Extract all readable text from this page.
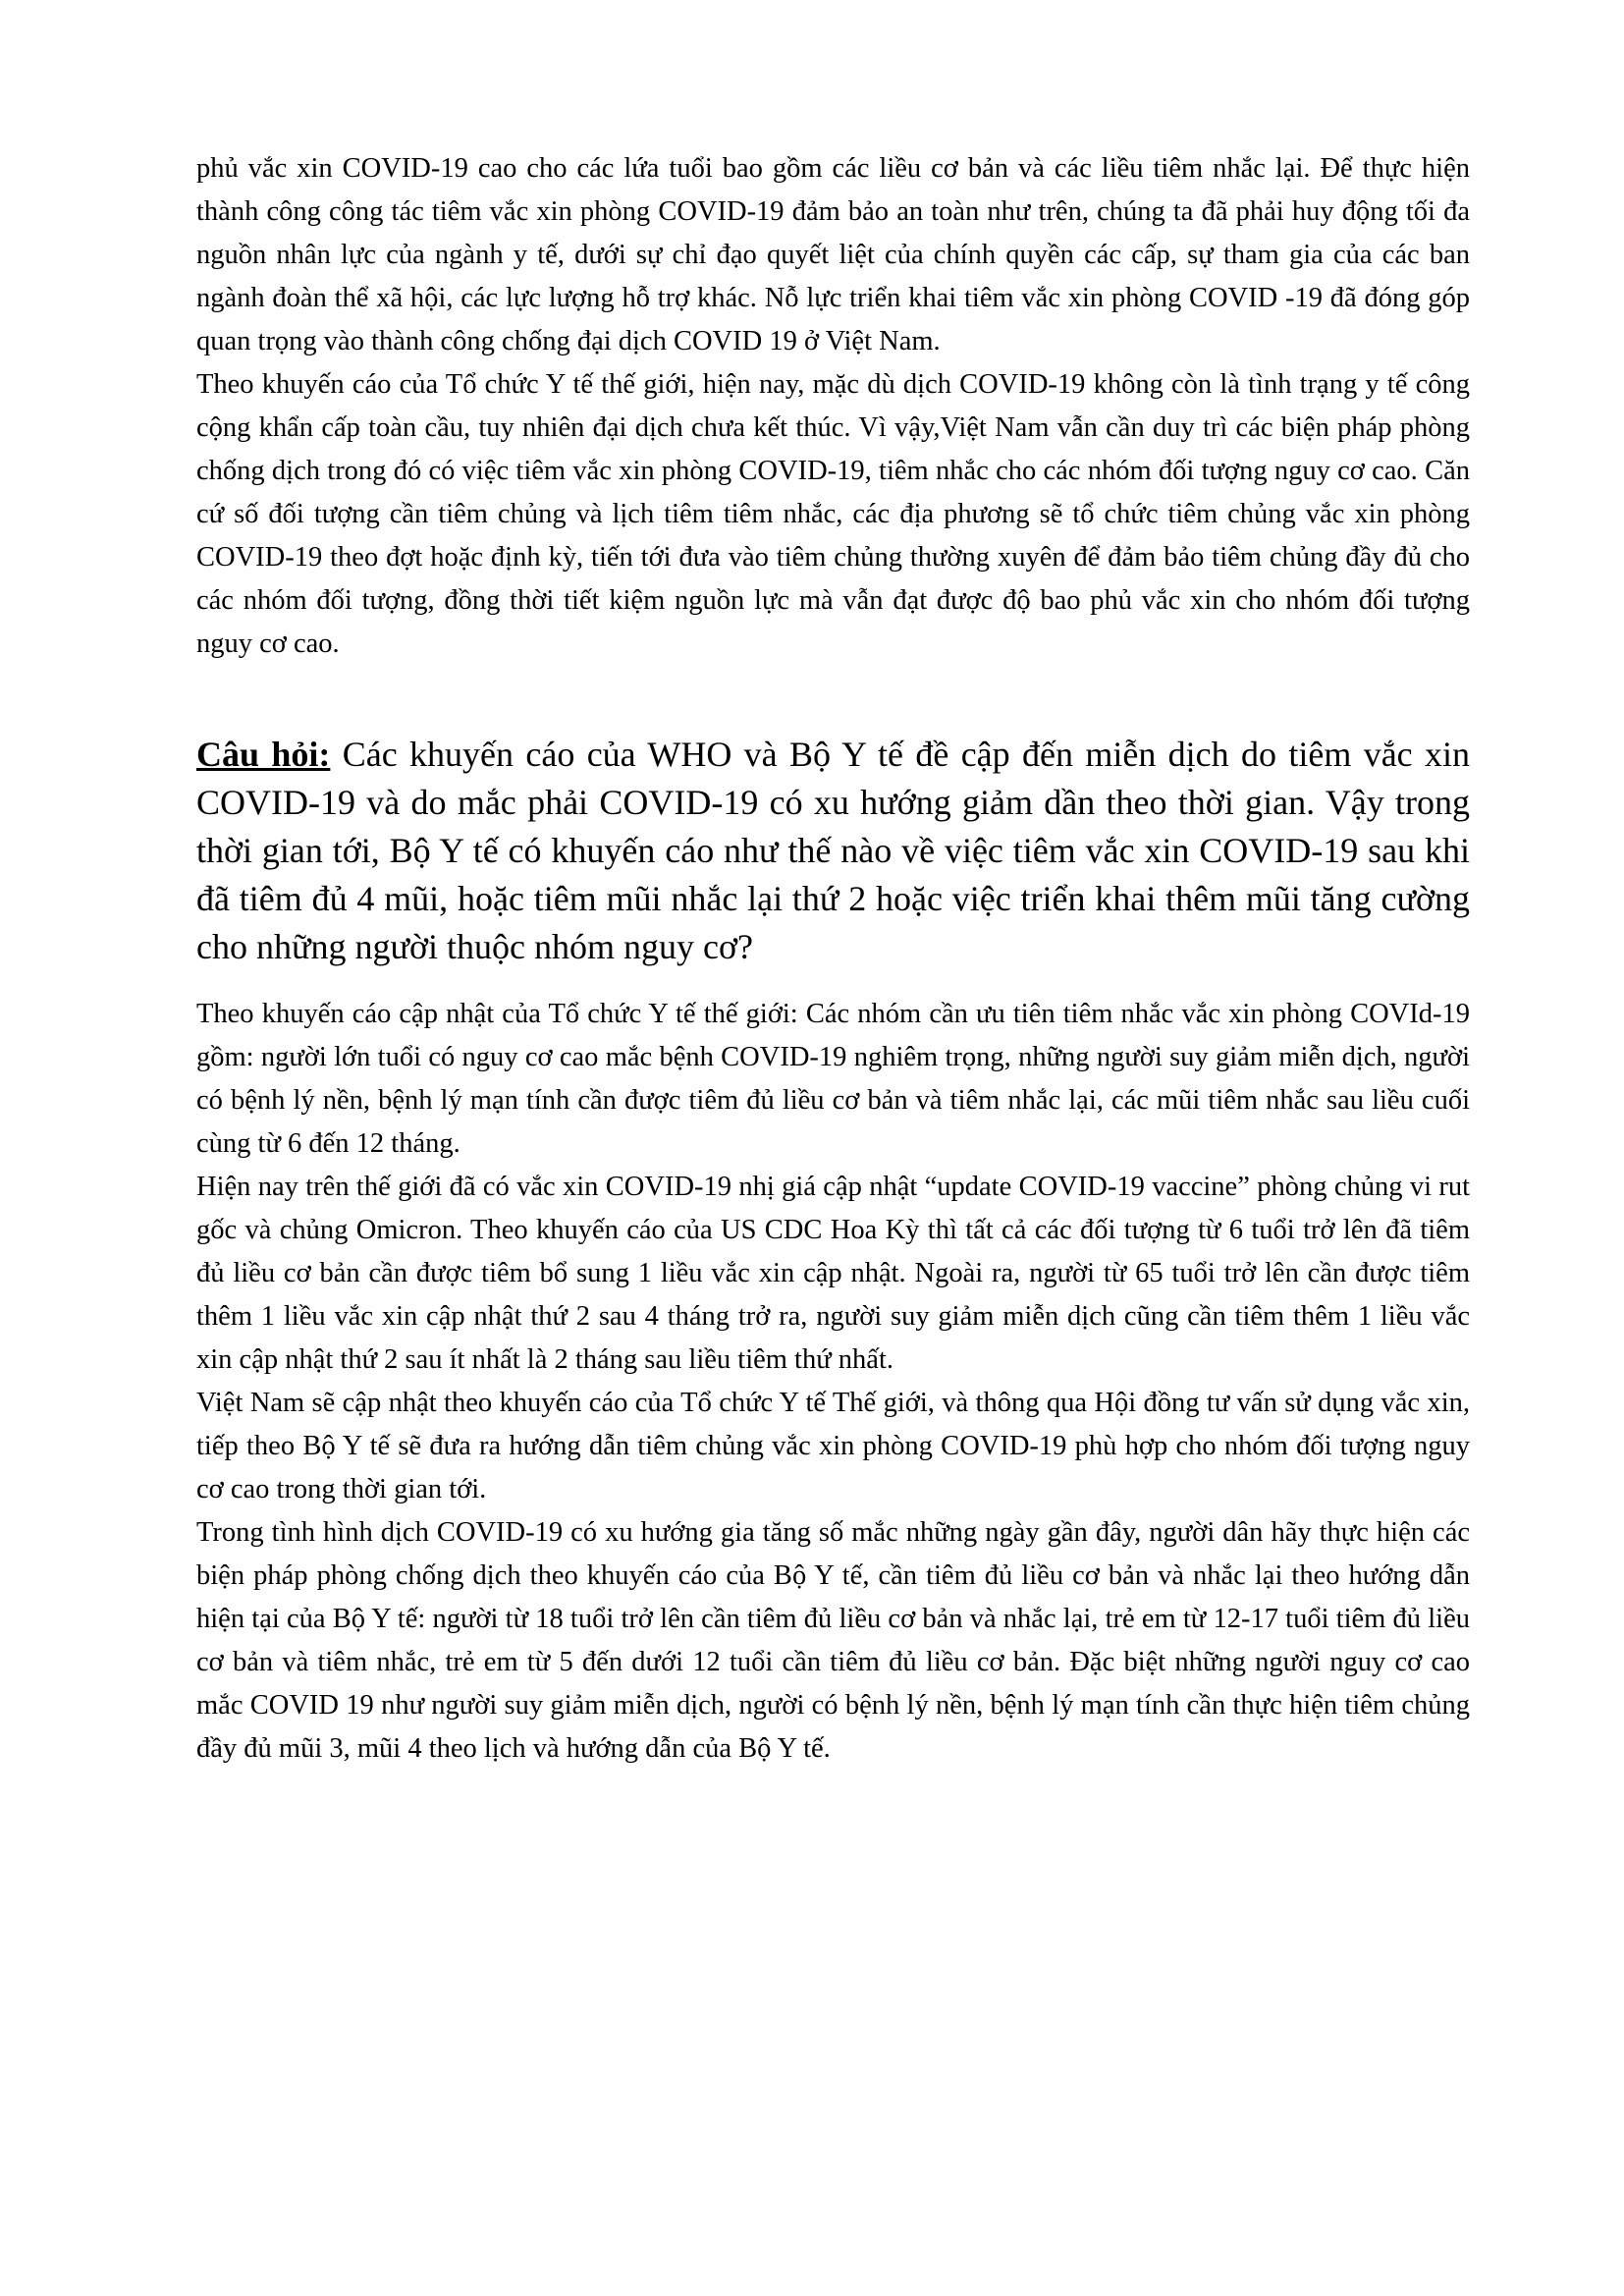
phủ vắc xin COVID-19 cao cho các lứa tuổi bao gồm các liều cơ bản và các liều tiêm nhắc lại. Để thực hiện thành công công tác tiêm vắc xin phòng COVID-19 đảm bảo an toàn như trên, chúng ta đã phải huy động tối đa nguồn nhân lực của ngành y tế, dưới sự chỉ đạo quyết liệt của chính quyền các cấp, sự tham gia của các ban ngành đoàn thể xã hội, các lực lượng hỗ trợ khác. Nỗ lực triển khai tiêm vắc xin phòng COVID -19 đã đóng góp quan trọng vào thành công chống đại dịch COVID 19 ở Việt Nam.

Theo khuyến cáo của Tổ chức Y tế thế giới, hiện nay, mặc dù dịch COVID-19 không còn là tình trạng y tế công cộng khẩn cấp toàn cầu, tuy nhiên đại dịch chưa kết thúc. Vì vậy,Việt Nam vẫn cần duy trì các biện pháp phòng chống dịch trong đó có việc tiêm vắc xin phòng COVID-19, tiêm nhắc cho các nhóm đối tượng nguy cơ cao. Căn cứ số đối tượng cần tiêm chủng và lịch tiêm tiêm nhắc, các địa phương sẽ tổ chức tiêm chủng vắc xin phòng COVID-19 theo đợt hoặc định kỳ, tiến tới đưa vào tiêm chủng thường xuyên để đảm bảo tiêm chủng đầy đủ cho các nhóm đối tượng, đồng thời tiết kiệm nguồn lực mà vẫn đạt được độ bao phủ vắc xin cho nhóm đối tượng nguy cơ cao.

Câu hỏi: Các khuyến cáo của WHO và Bộ Y tế đề cập đến miễn dịch do tiêm vắc xin COVID-19 và do mắc phải COVID-19 có xu hướng giảm dần theo thời gian. Vậy trong thời gian tới, Bộ Y tế có khuyến cáo như thế nào về việc tiêm vắc xin COVID-19 sau khi đã tiêm đủ 4 mũi, hoặc tiêm mũi nhắc lại thứ 2 hoặc việc triển khai thêm mũi tăng cường cho những người thuộc nhóm nguy cơ?

Theo khuyến cáo cập nhật của Tổ chức Y tế thế giới: Các nhóm cần ưu tiên tiêm nhắc vắc xin phòng COVId-19 gồm: người lớn tuổi có nguy cơ cao mắc bệnh COVID-19 nghiêm trọng, những người suy giảm miễn dịch, người có bệnh lý nền, bệnh lý mạn tính cần được tiêm đủ liều cơ bản và tiêm nhắc lại, các mũi tiêm nhắc sau liều cuối cùng từ 6 đến 12 tháng.

Hiện nay trên thế giới đã có vắc xin COVID-19 nhị giá cập nhật “update COVID-19 vaccine” phòng chủng vi rut gốc và chủng Omicron. Theo khuyến cáo của US CDC Hoa Kỳ thì tất cả các đối tượng từ 6 tuổi trở lên đã tiêm đủ liều cơ bản cần được tiêm bổ sung 1 liều vắc xin cập nhật. Ngoài ra, người từ 65 tuổi trở lên cần được tiêm thêm 1 liều vắc xin cập nhật thứ 2 sau 4 tháng trở ra, người suy giảm miễn dịch cũng cần tiêm thêm 1 liều vắc xin cập nhật thứ 2 sau ít nhất là 2 tháng sau liều tiêm thứ nhất.

Việt Nam sẽ cập nhật theo khuyến cáo của Tổ chức Y tế Thế giới, và thông qua Hội đồng tư vấn sử dụng vắc xin, tiếp theo Bộ Y tế sẽ đưa ra hướng dẫn tiêm chủng vắc xin phòng COVID-19 phù hợp cho nhóm đối tượng nguy cơ cao trong thời gian tới.

Trong tình hình dịch COVID-19 có xu hướng gia tăng số mắc những ngày gần đây, người dân hãy thực hiện các biện pháp phòng chống dịch theo khuyến cáo của Bộ Y tế, cần tiêm đủ liều cơ bản và nhắc lại theo hướng dẫn hiện tại của Bộ Y tế: người từ 18 tuổi trở lên cần tiêm đủ liều cơ bản và nhắc lại, trẻ em từ 12-17 tuổi tiêm đủ liều cơ bản và tiêm nhắc, trẻ em từ 5 đến dưới 12 tuổi cần tiêm đủ liều cơ bản. Đặc biệt những người nguy cơ cao mắc COVID 19 như người suy giảm miễn dịch, người có bệnh lý nền, bệnh lý mạn tính cần thực hiện tiêm chủng đầy đủ mũi 3, mũi 4 theo lịch và hướng dẫn của Bộ Y tế.
